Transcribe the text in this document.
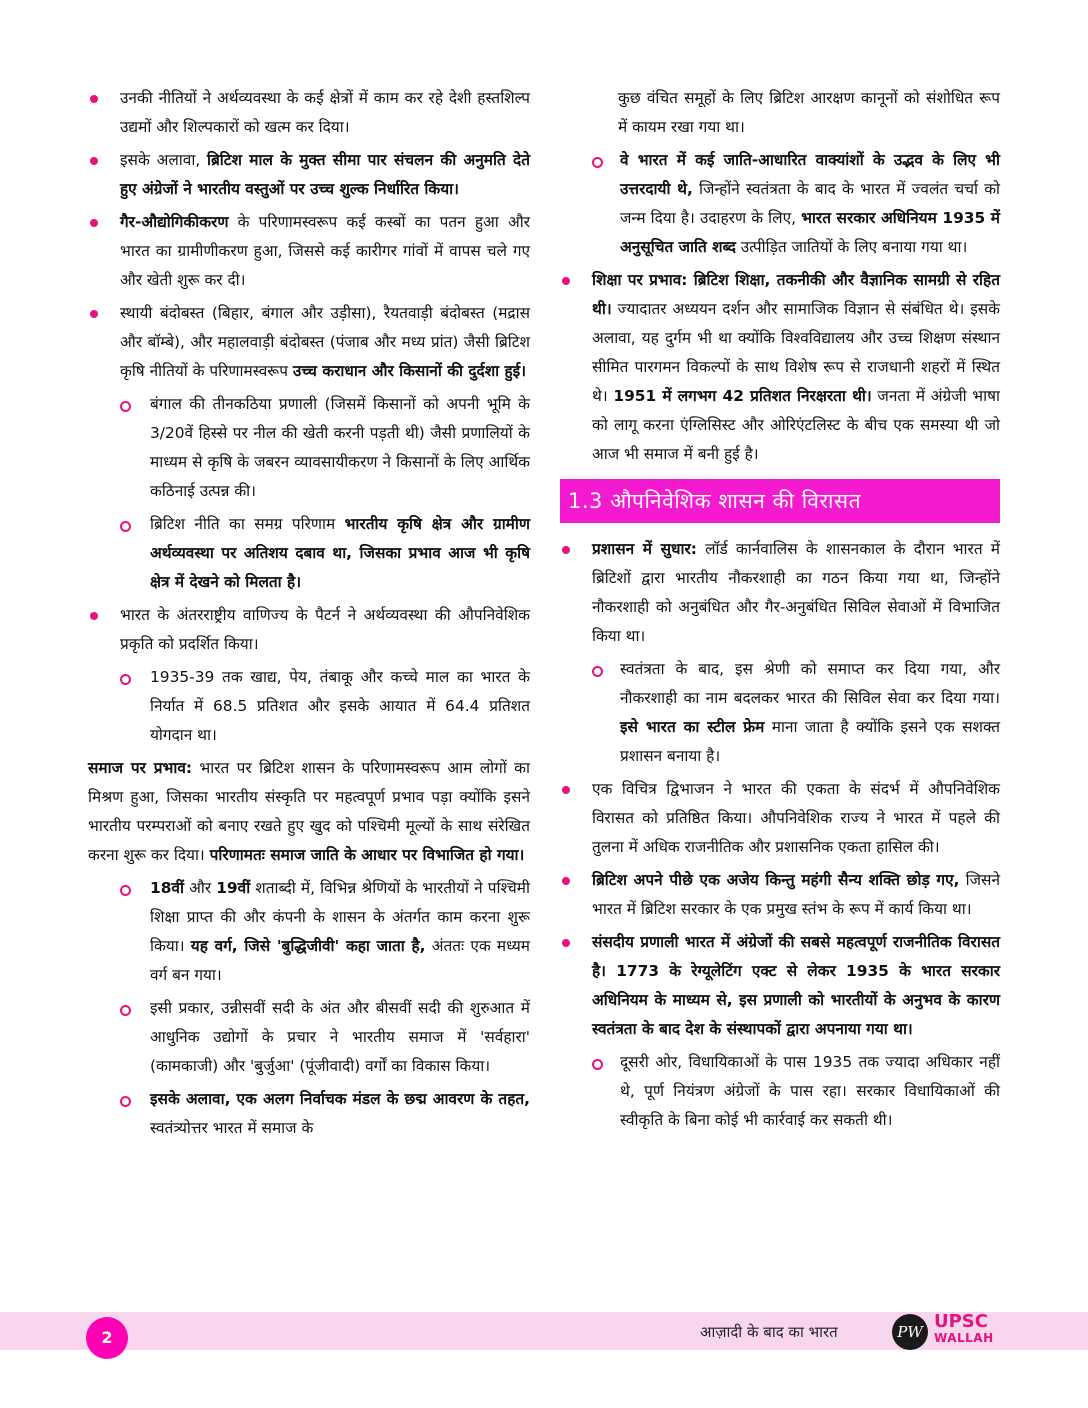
उनकी नीतियों ने अर्थव्यवस्था के कई क्षेत्रों में काम कर रहे देशी हस्तशिल्प उद्यमों और शिल्पकारों को खत्म कर दिया।

इसके अलावा, ब्रिटिश माल के मुक्त सीमा पार संचलन की अनुमति देते हुए अंग्रेजों ने भारतीय वस्तुओं पर उच्च शुल्क निर्धारित किया।

गैर-औद्योगिकीकरण के परिणामस्वरूप कई कस्बों का पतन हुआ और भारत का ग्रामीणीकरण हुआ, जिससे कई कारीगर गांवों में वापस चले गए और खेती शुरू कर दी।

स्थायी बंदोबस्त (बिहार, बंगाल और उड़ीसा), रैयतवाड़ी बंदोबस्त (मद्रास और बॉम्बे), और महालवाड़ी बंदोबस्त (पंजाब और मध्य प्रांत) जैसी ब्रिटिश कृषि नीतियों के परिणामस्वरूप उच्च कराधान और किसानों की दुर्दशा हुई।

बंगाल की तीनकठिया प्रणाली (जिसमें किसानों को अपनी भूमि के 3/20वें हिस्से पर नील की खेती करनी पड़ती थी) जैसी प्रणालियों के माध्यम से कृषि के जबरन व्यावसायीकरण ने किसानों के लिए आर्थिक कठिनाई उत्पन्न की।

ब्रिटिश नीति का समग्र परिणाम भारतीय कृषि क्षेत्र और ग्रामीण अर्थव्यवस्था पर अतिशय दबाव था, जिसका प्रभाव आज भी कृषि क्षेत्र में देखने को मिलता है।

भारत के अंतरराष्ट्रीय वाणिज्य के पैटर्न ने अर्थव्यवस्था की औपनिवेशिक प्रकृति को प्रदर्शित किया।

1935-39 तक खाद्य, पेय, तंबाकू और कच्चे माल का भारत के निर्यात में 68.5 प्रतिशत और इसके आयात में 64.4 प्रतिशत योगदान था।

समाज पर प्रभाव: भारत पर ब्रिटिश शासन के परिणामस्वरूप आम लोगों का मिश्रण हुआ, जिसका भारतीय संस्कृति पर महत्वपूर्ण प्रभाव पड़ा क्योंकि इसने भारतीय परम्पराओं को बनाए रखते हुए खुद को पश्चिमी मूल्यों के साथ संरेखित करना शुरू कर दिया। परिणामतः समाज जाति के आधार पर विभाजित हो गया।

18वीं और 19वीं शताब्दी में, विभिन्न श्रेणियों के भारतीयों ने पश्चिमी शिक्षा प्राप्त की और कंपनी के शासन के अंतर्गत काम करना शुरू किया। यह वर्ग, जिसे 'बुद्धिजीवी' कहा जाता है, अंततः एक मध्यम वर्ग बन गया।

इसी प्रकार, उन्नीसवीं सदी के अंत और बीसवीं सदी की शुरुआत में आधुनिक उद्योगों के प्रचार ने भारतीय समाज में 'सर्वहारा' (कामकाजी) और 'बुर्जुआ' (पूंजीवादी) वर्गों का विकास किया।

इसके अलावा, एक अलग निर्वाचक मंडल के छद्म आवरण के तहत, स्वतंत्र्योत्तर भारत में समाज के

कुछ वंचित समूहों के लिए ब्रिटिश आरक्षण कानूनों को संशोधित रूप में कायम रखा गया था।

वे भारत में कई जाति-आधारित वाक्यांशों के उद्भव के लिए भी उत्तरदायी थे, जिन्होंने स्वतंत्रता के बाद के भारत में ज्वलंत चर्चा को जन्म दिया है। उदाहरण के लिए, भारत सरकार अधिनियम 1935 में अनुसूचित जाति शब्द उत्पीड़ित जातियों के लिए बनाया गया था।

शिक्षा पर प्रभाव: ब्रिटिश शिक्षा, तकनीकी और वैज्ञानिक सामग्री से रहित थी। ज्यादातर अध्ययन दर्शन और सामाजिक विज्ञान से संबंधित थे। इसके अलावा, यह दुर्गम भी था क्योंकि विश्वविद्यालय और उच्च शिक्षण संस्थान सीमित पारगमन विकल्पों के साथ विशेष रूप से राजधानी शहरों में स्थित थे। 1951 में लगभग 42 प्रतिशत निरक्षरता थी। जनता में अंग्रेजी भाषा को लागू करना एंग्लिसिस्ट और ओरिएंटलिस्ट के बीच एक समस्या थी जो आज भी समाज में बनी हुई है।

1.3 औपनिवेशिक शासन की विरासत

प्रशासन में सुधार: लॉर्ड कार्नवालिस के शासनकाल के दौरान भारत में ब्रिटिशों द्वारा भारतीय नौकरशाही का गठन किया गया था, जिन्होंने नौकरशाही को अनुबंधित और गैर-अनुबंधित सिविल सेवाओं में विभाजित किया था।

स्वतंत्रता के बाद, इस श्रेणी को समाप्त कर दिया गया, और नौकरशाही का नाम बदलकर भारत की सिविल सेवा कर दिया गया। इसे भारत का स्टील फ्रेम माना जाता है क्योंकि इसने एक सशक्त प्रशासन बनाया है।

एक विचित्र द्विभाजन ने भारत की एकता के संदर्भ में औपनिवेशिक विरासत को प्रतिष्ठित किया। औपनिवेशिक राज्य ने भारत में पहले की तुलना में अधिक राजनीतिक और प्रशासनिक एकता हासिल की।

ब्रिटिश अपने पीछे एक अजेय किन्तु महंगी सैन्य शक्ति छोड़ गए, जिसने भारत में ब्रिटिश सरकार के एक प्रमुख स्तंभ के रूप में कार्य किया था।

संसदीय प्रणाली भारत में अंग्रेजों की सबसे महत्वपूर्ण राजनीतिक विरासत है। 1773 के रेग्यूलेटिंग एक्ट से लेकर 1935 के भारत सरकार अधिनियम के माध्यम से, इस प्रणाली को भारतीयों के अनुभव के कारण स्वतंत्रता के बाद देश के संस्थापकों द्वारा अपनाया गया था।

दूसरी ओर, विधायिकाओं के पास 1935 तक ज्यादा अधिकार नहीं थे, पूर्ण नियंत्रण अंग्रेजों के पास रहा। सरकार विधायिकाओं की स्वीकृति के बिना कोई भी कार्रवाई कर सकती थी।

2	आज़ादी के बाद का भारत	PW UPSC
WALLAH
